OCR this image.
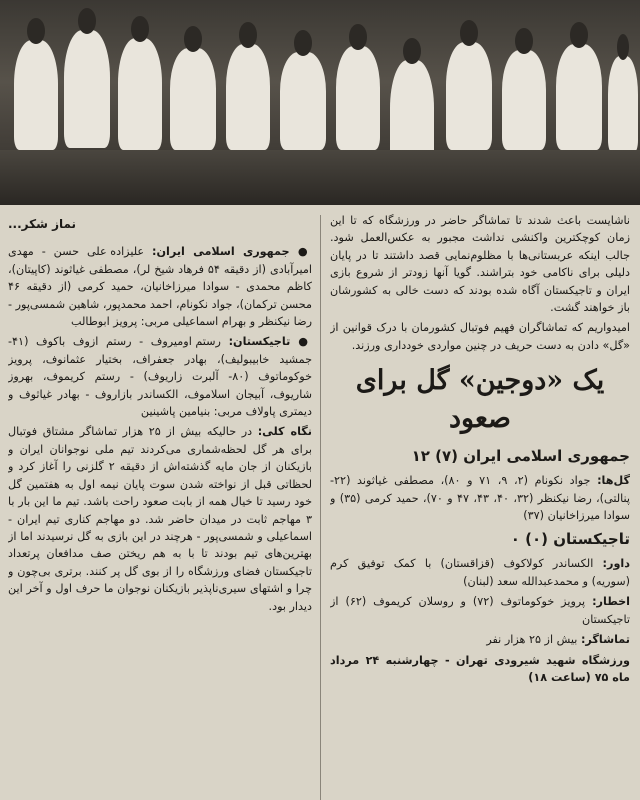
ناشایست باعث شدند تا تماشاگر حاضر در ورزشگاه که تا این زمان کوچکترین واکنشی نداشت مجبور به عکس‌العمل شود. جالب اینکه عربستانی‌ها با مظلوم‌نمایی قصد داشتند تا در پایان دلیلی برای ناکامی خود بتراشند. گویا آنها زودتر از شروع بازی ایران و تاجیکستان آگاه شده بودند که دست خالی به کشورشان باز خواهند گشت.

امیدواریم که تماشاگران فهیم فوتبال کشورمان با درک قوانین از «گل» دادن به دست حریف در چنین مواردی خودداری ورزند.

یک «دوجین» گل برای صعود
جمهوری اسلامی ایران (۷) ۱۲

گل‌ها: جواد نکونام (۲، ۹، ۷۱ و ۸۰)، مصطفی غیاثوند (۲۲- پنالتی)، رضا نیکنظر (۳۲، ۴۰، ۴۳، ۴۷ و ۷۰)، حمید کرمی (۳۵) و سوادا میرزاخانیان (۳۷)

تاجیکستان (۰) ۰

داور: الکساندر کولاکوف (قزاقستان) با کمک توفیق کرم (سوریه) و محمدعبدالله سعد (لبنان)

اخطار: پرویز خوکوماتوف (۷۲) و روسلان کریموف (۶۲) از تاجیکستان

تماشاگر: بیش از ۲۵ هزار نفر

ورزشگاه شهید شیرودی تهران - چهارشنبه ۲۴ مرداد ماه ۷۵ (ساعت ۱۸)

نماز شکر...

● جمهوری اسلامی ایران: علیزاده علی حسن - مهدی امیرآبادی (از دقیقه ۵۴ فرهاد شیخ لر)، مصطفی غیاثوند (کاپیتان)، کاظم محمدی - سوادا میرزاخانیان، حمید کرمی (از دقیقه ۴۶ محسن ترکمان)، جواد نکونام، احمد محمدپور، شاهین شمسی‌پور - رضا نیکنظر و بهرام اسماعیلی مربی: پرویز ابوطالب

● تاجیکستان: رستم اومیروف - رستم ازوف باکوف (۴۱- جمشید خابیبولیف)، بهادر جعفراف، بختیار عثمانوف، پرویز خوکوماتوف (۸۰- آلبرت زاریوف) - رستم کریموف، بهروز شاریوف، آبیجان اسلاموف، الکساندر بازاروف - بهادر غیاثوف و دیمتری پاولاف مربی: بنیامین پاشینین

نگاه کلی: در حالیکه بیش از ۲۵ هزار تماشاگر مشتاق فوتبال برای هر گل لحظه‌شماری می‌کردند تیم ملی نوجوانان ایران و بازیکنان از جان مایه گذشته‌اش از دقیقه ۲ گلزنی را آغاز کرد و لحظاتی قبل از نواخته شدن سوت پایان نیمه اول به هفتمین گل خود رسید تا خیال همه از بابت صعود راحت باشد. تیم ما این بار با ۳ مهاجم ثابت در میدان حاضر شد. دو مهاجم کناری تیم ایران - اسماعیلی و شمسی‌پور - هرچند در این بازی به گل نرسیدند اما از بهترین‌های تیم بودند تا با به هم ریختن صف مدافعان پرتعداد تاجیکستان فضای ورزشگاه را از بوی گل پر کنند. برتری بی‌چون و چرا و اشتهای سیری‌ناپذیر بازیکنان نوجوان ما حرف اول و آخر این دیدار بود.
